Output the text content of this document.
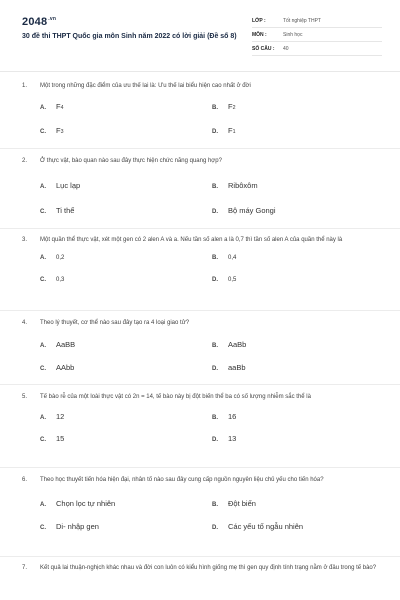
$2048^{.vn}$
30 đề thi THPT Quốc gia môn Sinh năm 2022 có lời giải (Đề số 8)
LỚP :	Tốt nghiệp THPT
MÔN :	Sinh học
SỐ CÂU :	40
1.	Một trong những đặc điểm của ưu thế lai là: Ưu thế lai biểu hiện cao nhất ở đời
A.	$F_4$	B.	$F_2$
C.	$F_3$	D.	$F_1$
2.	Ở thực vật, bào quan nào sau đây thực hiện chức năng quang hợp?
A.	Lục lạp	B.	Ribôxôm
C.	Ti thể	D.	Bộ máy Gongi
3.	Một quần thể thực vật, xét một gen có 2 alen A và a. Nếu tần số alen a là 0,7 thì tần số alen A của quần thể này là
A.	0,2	B.	0,4
C.	0,3	D.	0,5
4.	Theo lý thuyết, cơ thể nào sau đây tạo ra 4 loại giao tử?
A.	AaBB	B.	AaBb
C.	AAbb	D.	aaBb
5.	Tế bào rễ của một loài thực vật có 2n = 14, tế bào này bị đột biến thể ba có số lượng nhiễm sắc thể là
A.	12	B.	16
C.	15	D.	13
6.	Theo học thuyết tiến hóa hiện đại, nhân tố nào sau đây cung cấp nguồn nguyên liệu chủ yếu cho tiến hóa?
A.	Chọn lọc tự nhiên	B.	Đột biến
C.	Di- nhập gen	D.	Các yếu tố ngẫu nhiên
7.	Kết quả lai thuận-nghịch khác nhau và đời con luôn có kiểu hình giống mẹ thì gen quy định tính trạng nằm ở đâu trong tế bào?
